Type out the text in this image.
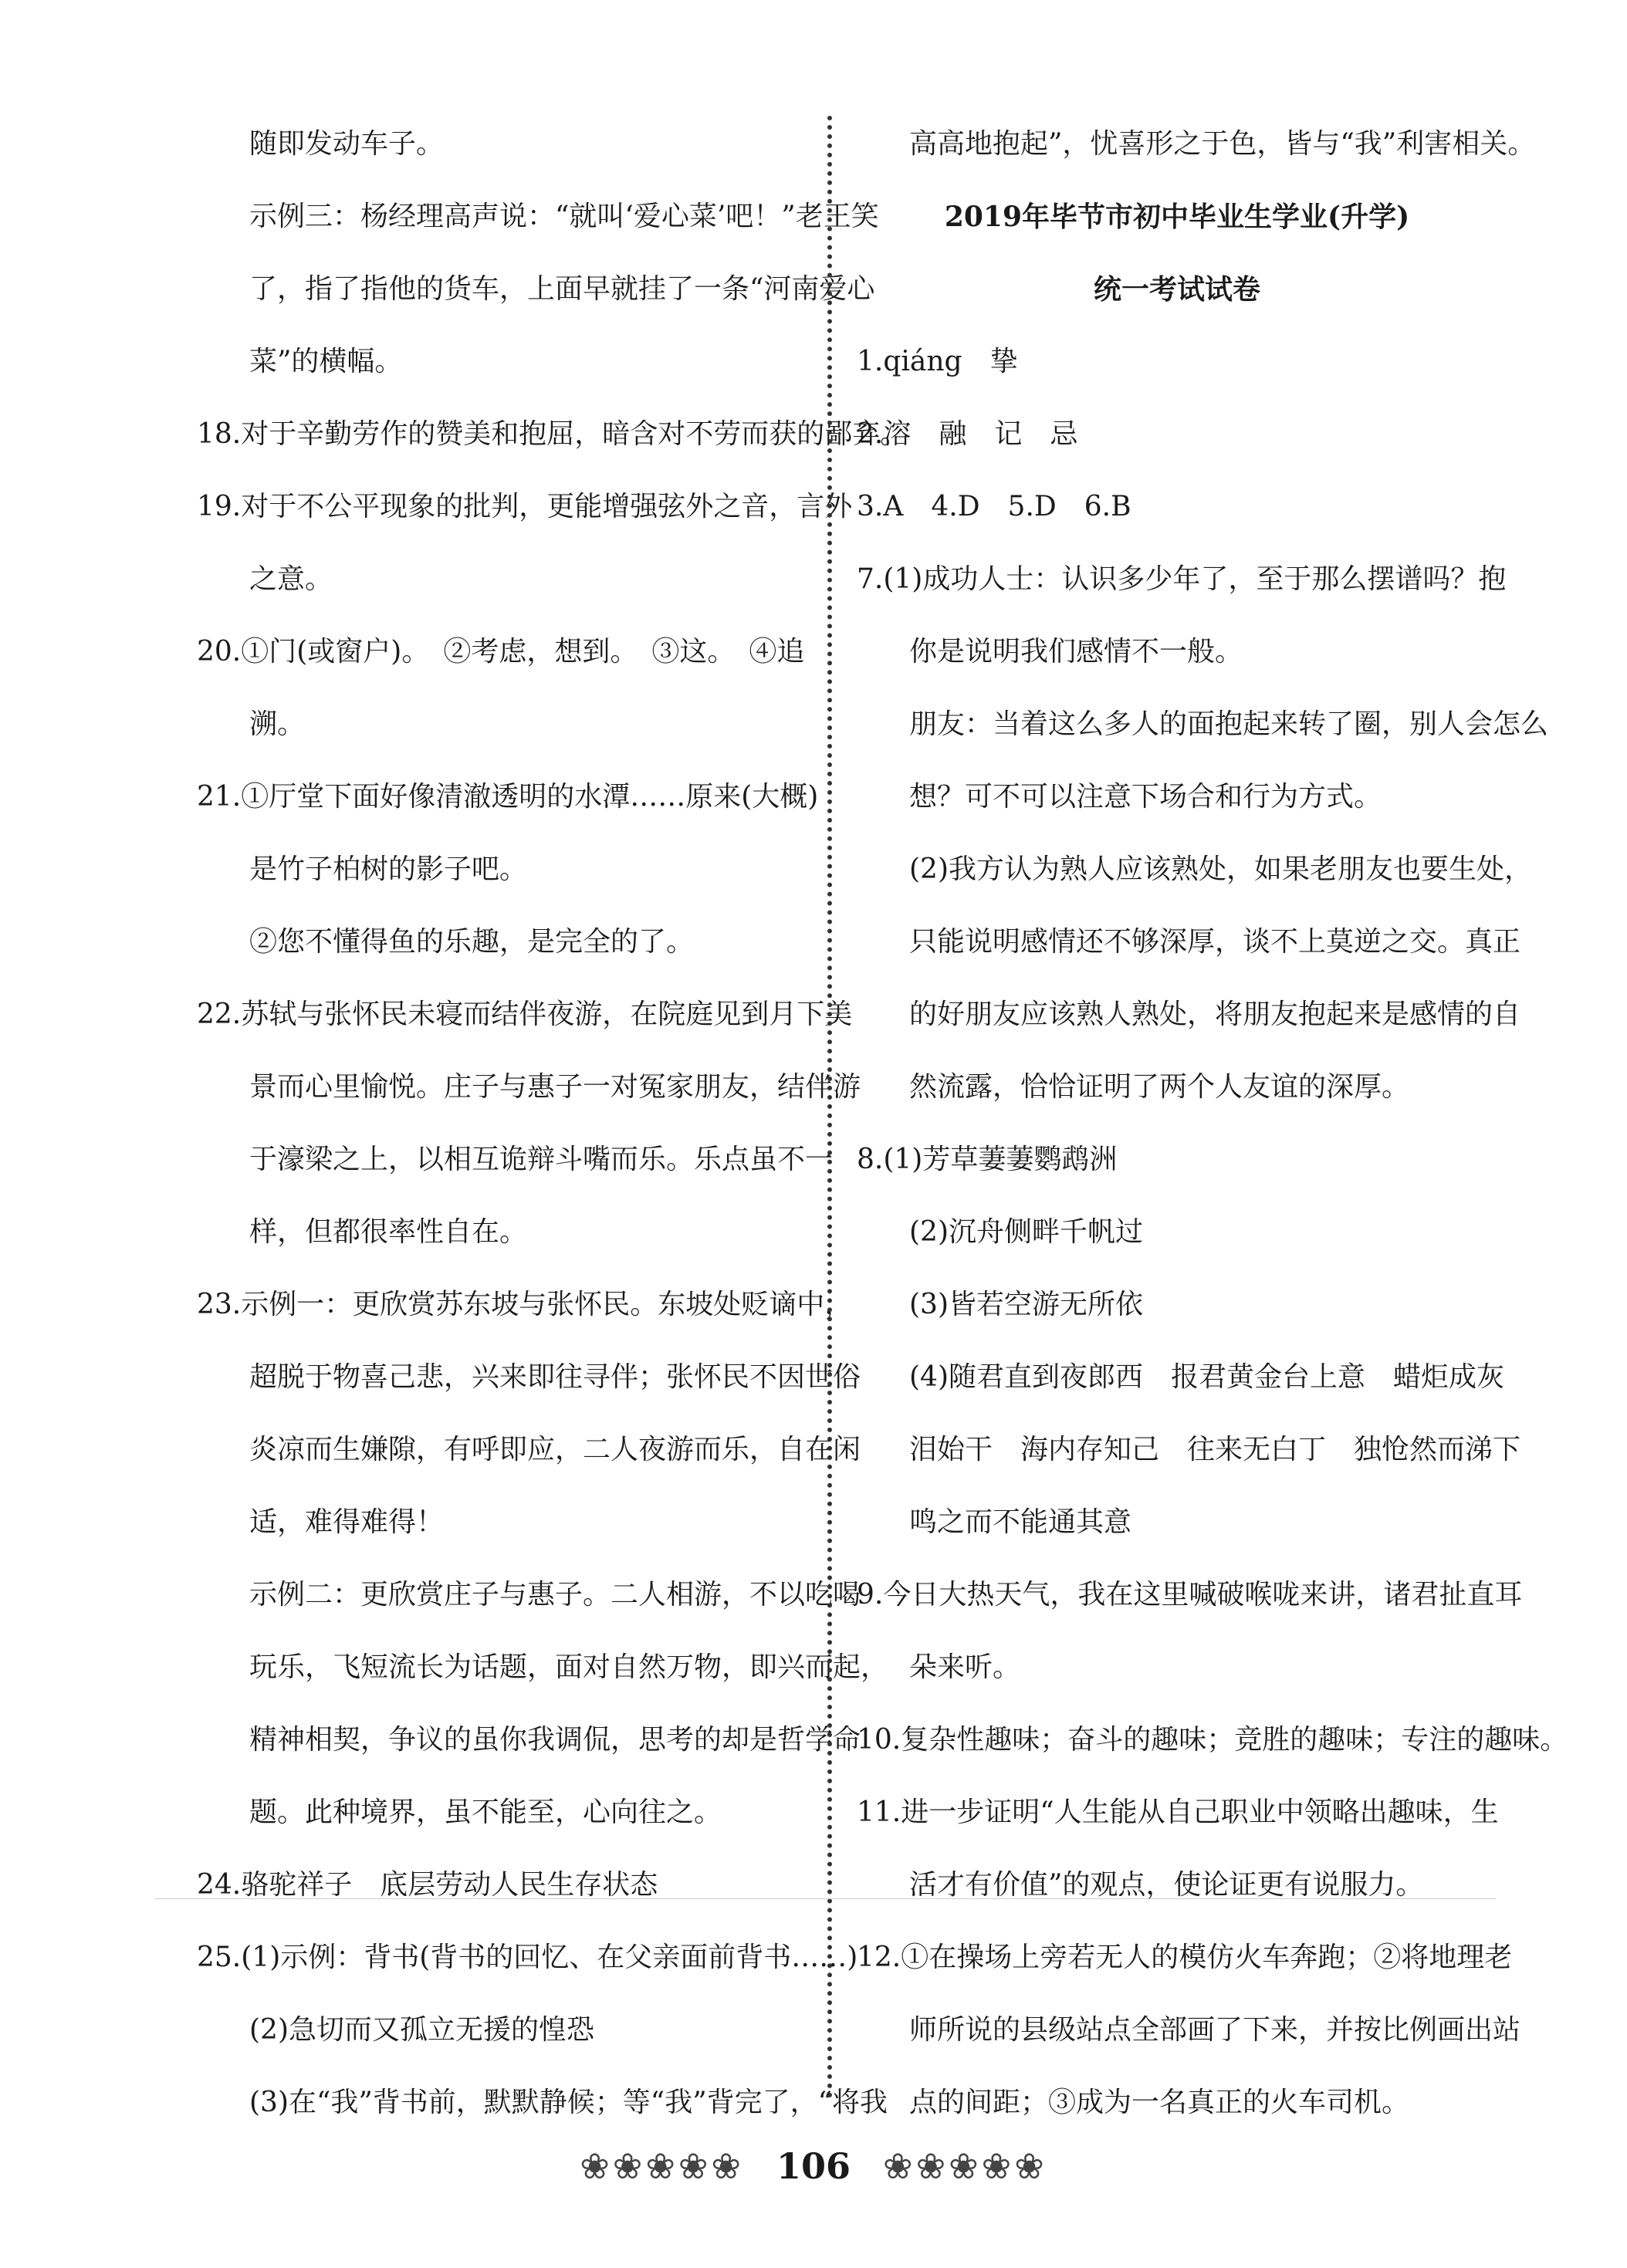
随即发动车子。

示例三：杨经理高声说：“就叫‘爱心菜’吧！”老王笑

了，指了指他的货车，上面早就挂了一条“河南爱心

菜”的横幅。

18.对于辛勤劳作的赞美和抱屈，暗含对不劳而获的鄙弃。

19.对于不公平现象的批判，更能增强弦外之音，言外

之意。

20.①门(或窗户)。　②考虑，想到。　③这。　④追

溯。

21.①厅堂下面好像清澈透明的水潭……原来(大概)

是竹子柏树的影子吧。

②您不懂得鱼的乐趣，是完全的了。

22.苏轼与张怀民未寝而结伴夜游，在院庭见到月下美

景而心里愉悦。庄子与惠子一对冤家朋友，结伴游

于濠梁之上，以相互诡辩斗嘴而乐。乐点虽不一

样，但都很率性自在。

23.示例一：更欣赏苏东坡与张怀民。东坡处贬谪中，

超脱于物喜己悲，兴来即往寻伴；张怀民不因世俗

炎凉而生嫌隙，有呼即应，二人夜游而乐，自在闲

适，难得难得！

示例二：更欣赏庄子与惠子。二人相游，不以吃喝

玩乐，飞短流长为话题，面对自然万物，即兴而起，

精神相契，争议的虽你我调侃，思考的却是哲学命

题。此种境界，虽不能至，心向往之。

24.骆驼祥子　底层劳动人民生存状态

25.(1)示例：背书(背书的回忆、在父亲面前背书……)

(2)急切而又孤立无援的惶恐

(3)在“我”背书前，默默静候；等“我”背完了，“将我

高高地抱起”，忧喜形之于色，皆与“我”利害相关。

2019年毕节市初中毕业生学业(升学)

统一考试试卷

1.qiáng　挚

2.溶　融　记　忌

3.A　4.D　5.D　6.B

7.(1)成功人士：认识多少年了，至于那么摆谱吗？抱

你是说明我们感情不一般。

朋友：当着这么多人的面抱起来转了圈，别人会怎么

想？可不可以注意下场合和行为方式。

(2)我方认为熟人应该熟处，如果老朋友也要生处，

只能说明感情还不够深厚，谈不上莫逆之交。真正

的好朋友应该熟人熟处，将朋友抱起来是感情的自

然流露，恰恰证明了两个人友谊的深厚。

8.(1)芳草萋萋鹦鹉洲

(2)沉舟侧畔千帆过

(3)皆若空游无所依

(4)随君直到夜郎西　报君黄金台上意　蜡炬成灰

泪始干　海内存知己　往来无白丁　独怆然而涕下

鸣之而不能通其意

9.今日大热天气，我在这里喊破喉咙来讲，诸君扯直耳

朵来听。

10.复杂性趣味；奋斗的趣味；竞胜的趣味；专注的趣味。

11.进一步证明“人生能从自己职业中领略出趣味，生

活才有价值”的观点，使论证更有说服力。

12.①在操场上旁若无人的模仿火车奔跑；②将地理老

师所说的县级站点全部画了下来，并按比例画出站

点的间距；③成为一名真正的火车司机。

❀❀❀❀❀ 106 ❀❀❀❀❀
